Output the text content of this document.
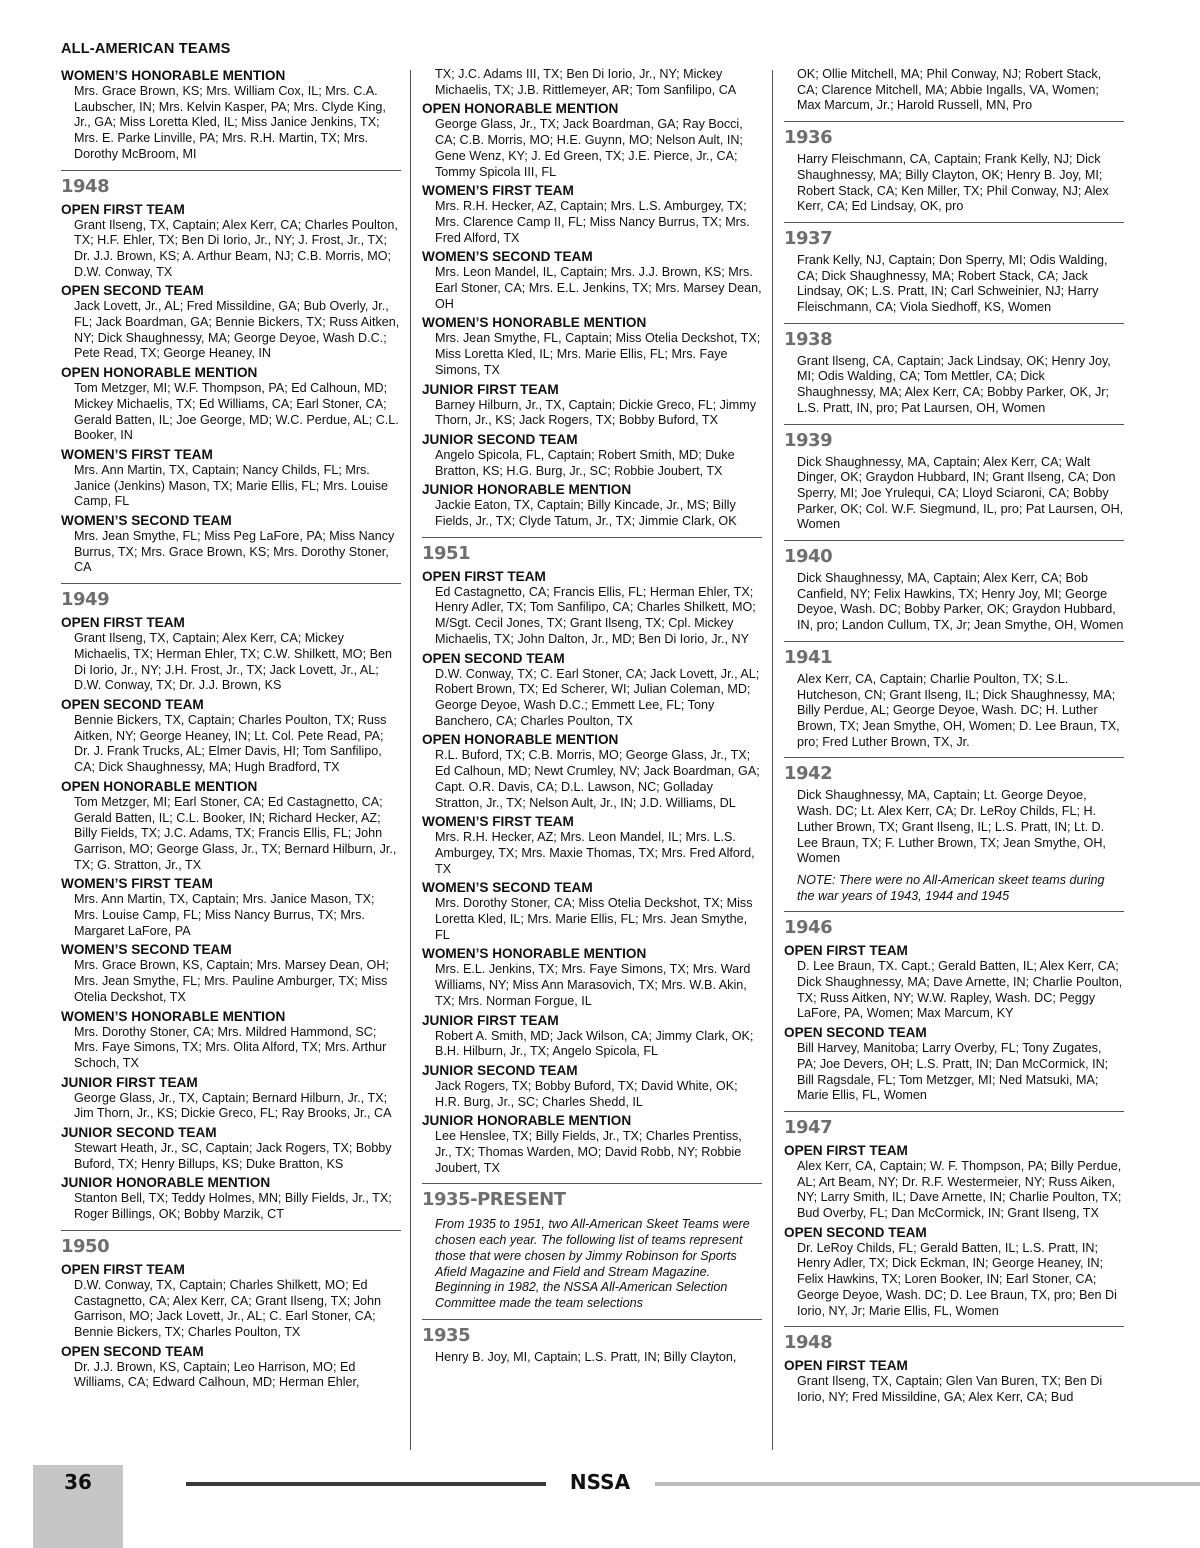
ALL-AMERICAN TEAMS
WOMEN’S HONORABLE MENTION
Mrs. Grace Brown, KS; Mrs. William Cox, IL; Mrs. C.A. Laubscher, IN; Mrs. Kelvin Kasper, PA; Mrs. Clyde King, Jr., GA; Miss Loretta Kled, IL; Miss Janice Jenkins, TX; Mrs. E. Parke Linville, PA; Mrs. R.H. Martin, TX; Mrs. Dorothy McBroom, MI
1948
OPEN FIRST TEAM
Grant Ilseng, TX, Captain; Alex Kerr, CA; Charles Poulton, TX; H.F. Ehler, TX; Ben Di Iorio, Jr., NY; J. Frost, Jr., TX; Dr. J.J. Brown, KS; A. Arthur Beam, NJ; C.B. Morris, MO; D.W. Conway, TX
OPEN SECOND TEAM
Jack Lovett, Jr., AL; Fred Missildine, GA; Bub Overly, Jr., FL; Jack Boardman, GA; Bennie Bickers, TX; Russ Aitken, NY; Dick Shaughnessy, MA; George Deyoe, Wash D.C.; Pete Read, TX; George Heaney, IN
OPEN HONORABLE MENTION
Tom Metzger, MI; W.F. Thompson, PA; Ed Calhoun, MD; Mickey Michaelis, TX; Ed Williams, CA; Earl Stoner, CA; Gerald Batten, IL; Joe George, MD; W.C. Perdue, AL; C.L. Booker, IN
WOMEN’S FIRST TEAM
Mrs. Ann Martin, TX, Captain; Nancy Childs, FL; Mrs. Janice (Jenkins) Mason, TX; Marie Ellis, FL; Mrs. Louise Camp, FL
WOMEN’S SECOND TEAM
Mrs. Jean Smythe, FL; Miss Peg LaFore, PA; Miss Nancy Burrus, TX; Mrs. Grace Brown, KS; Mrs. Dorothy Stoner, CA
1949
OPEN FIRST TEAM
Grant Ilseng, TX, Captain; Alex Kerr, CA; Mickey Michaelis, TX; Herman Ehler, TX; C.W. Shilkett, MO; Ben Di Iorio, Jr., NY; J.H. Frost, Jr., TX; Jack Lovett, Jr., AL; D.W. Conway, TX; Dr. J.J. Brown, KS
OPEN SECOND TEAM
Bennie Bickers, TX, Captain; Charles Poulton, TX; Russ Aitken, NY; George Heaney, IN; Lt. Col. Pete Read, PA; Dr. J. Frank Trucks, AL; Elmer Davis, HI; Tom Sanfilipo, CA; Dick Shaughnessy, MA; Hugh Bradford, TX
OPEN HONORABLE MENTION
Tom Metzger, MI; Earl Stoner, CA; Ed Castagnetto, CA; Gerald Batten, IL; C.L. Booker, IN; Richard Hecker, AZ; Billy Fields, TX; J.C. Adams, TX; Francis Ellis, FL; John Garrison, MO; George Glass, Jr., TX; Bernard Hilburn, Jr., TX; G. Stratton, Jr., TX
WOMEN’S FIRST TEAM
Mrs. Ann Martin, TX, Captain; Mrs. Janice Mason, TX; Mrs. Louise Camp, FL; Miss Nancy Burrus, TX; Mrs. Margaret LaFore, PA
WOMEN’S SECOND TEAM
Mrs. Grace Brown, KS, Captain; Mrs. Marsey Dean, OH; Mrs. Jean Smythe, FL; Mrs. Pauline Amburger, TX; Miss Otelia Deckshot, TX
WOMEN’S HONORABLE MENTION
Mrs. Dorothy Stoner, CA; Mrs. Mildred Hammond, SC; Mrs. Faye Simons, TX; Mrs. Olita Alford, TX; Mrs. Arthur Schoch, TX
JUNIOR FIRST TEAM
George Glass, Jr., TX, Captain; Bernard Hilburn, Jr., TX; Jim Thorn, Jr., KS; Dickie Greco, FL; Ray Brooks, Jr., CA
JUNIOR SECOND TEAM
Stewart Heath, Jr., SC, Captain; Jack Rogers, TX; Bobby Buford, TX; Henry Billups, KS; Duke Bratton, KS
JUNIOR HONORABLE MENTION
Stanton Bell, TX; Teddy Holmes, MN; Billy Fields, Jr., TX; Roger Billings, OK; Bobby Marzik, CT
1950
OPEN FIRST TEAM
D.W. Conway, TX, Captain; Charles Shilkett, MO; Ed Castagnetto, CA; Alex Kerr, CA; Grant Ilseng, TX; John Garrison, MO; Jack Lovett, Jr., AL; C. Earl Stoner, CA; Bennie Bickers, TX; Charles Poulton, TX
OPEN SECOND TEAM
Dr. J.J. Brown, KS, Captain; Leo Harrison, MO; Ed Williams, CA; Edward Calhoun, MD; Herman Ehler,
TX; J.C. Adams III, TX; Ben Di Iorio, Jr., NY; Mickey Michaelis, TX; J.B. Rittlemeyer, AR; Tom Sanfilipo, CA
OPEN HONORABLE MENTION
George Glass, Jr., TX; Jack Boardman, GA; Ray Bocci, CA; C.B. Morris, MO; H.E. Guynn, MO; Nelson Ault, IN; Gene Wenz, KY; J. Ed Green, TX; J.E. Pierce, Jr., CA; Tommy Spicola III, FL
WOMEN’S FIRST TEAM
Mrs. R.H. Hecker, AZ, Captain; Mrs. L.S. Amburgey, TX; Mrs. Clarence Camp II, FL; Miss Nancy Burrus, TX; Mrs. Fred Alford, TX
WOMEN’S SECOND TEAM
Mrs. Leon Mandel, IL, Captain; Mrs. J.J. Brown, KS; Mrs. Earl Stoner, CA; Mrs. E.L. Jenkins, TX; Mrs. Marsey Dean, OH
WOMEN’S HONORABLE MENTION
Mrs. Jean Smythe, FL, Captain; Miss Otelia Deckshot, TX; Miss Loretta Kled, IL; Mrs. Marie Ellis, FL; Mrs. Faye Simons, TX
JUNIOR FIRST TEAM
Barney Hilburn, Jr., TX, Captain; Dickie Greco, FL; Jimmy Thorn, Jr., KS; Jack Rogers, TX; Bobby Buford, TX
JUNIOR SECOND TEAM
Angelo Spicola, FL, Captain; Robert Smith, MD; Duke Bratton, KS; H.G. Burg, Jr., SC; Robbie Joubert, TX
JUNIOR HONORABLE MENTION
Jackie Eaton, TX, Captain; Billy Kincade, Jr., MS; Billy Fields, Jr., TX; Clyde Tatum, Jr., TX; Jimmie Clark, OK
1951
OPEN FIRST TEAM
Ed Castagnetto, CA; Francis Ellis, FL; Herman Ehler, TX; Henry Adler, TX; Tom Sanfilipo, CA; Charles Shilkett, MO; M/Sgt. Cecil Jones, TX; Grant Ilseng, TX; Cpl. Mickey Michaelis, TX; John Dalton, Jr., MD; Ben Di Iorio, Jr., NY
OPEN SECOND TEAM
D.W. Conway, TX; C. Earl Stoner, CA; Jack Lovett, Jr., AL; Robert Brown, TX; Ed Scherer, WI; Julian Coleman, MD; George Deyoe, Wash D.C.; Emmett Lee, FL; Tony Banchero, CA; Charles Poulton, TX
OPEN HONORABLE MENTION
R.L. Buford, TX; C.B. Morris, MO; George Glass, Jr., TX; Ed Calhoun, MD; Newt Crumley, NV; Jack Boardman, GA; Capt. O.R. Davis, CA; D.L. Lawson, NC; Golladay Stratton, Jr., TX; Nelson Ault, Jr., IN; J.D. Williams, DL
WOMEN’S FIRST TEAM
Mrs. R.H. Hecker, AZ; Mrs. Leon Mandel, IL; Mrs. L.S. Amburgey, TX; Mrs. Maxie Thomas, TX; Mrs. Fred Alford, TX
WOMEN’S SECOND TEAM
Mrs. Dorothy Stoner, CA; Miss Otelia Deckshot, TX; Miss Loretta Kled, IL; Mrs. Marie Ellis, FL; Mrs. Jean Smythe, FL
WOMEN’S HONORABLE MENTION
Mrs. E.L. Jenkins, TX; Mrs. Faye Simons, TX; Mrs. Ward Williams, NY; Miss Ann Marasovich, TX; Mrs. W.B. Akin, TX; Mrs. Norman Forgue, IL
JUNIOR FIRST TEAM
Robert A. Smith, MD; Jack Wilson, CA; Jimmy Clark, OK; B.H. Hilburn, Jr., TX; Angelo Spicola, FL
JUNIOR SECOND TEAM
Jack Rogers, TX; Bobby Buford, TX; David White, OK; H.R. Burg, Jr., SC; Charles Shedd, IL
JUNIOR HONORABLE MENTION
Lee Henslee, TX; Billy Fields, Jr., TX; Charles Prentiss, Jr., TX; Thomas Warden, MO; David Robb, NY; Robbie Joubert, TX
1935-PRESENT
From 1935 to 1951, two All-American Skeet Teams were chosen each year. The following list of teams represent those that were chosen by Jimmy Robinson for Sports Afield Magazine and Field and Stream Magazine. Beginning in 1982, the NSSA All-American Selection Committee made the team selections
1935
Henry B. Joy, MI, Captain; L.S. Pratt, IN; Billy Clayton,
OK; Ollie Mitchell, MA; Phil Conway, NJ; Robert Stack, CA; Clarence Mitchell, MA; Abbie Ingalls, VA, Women; Max Marcum, Jr.; Harold Russell, MN, Pro
1936
Harry Fleischmann, CA, Captain; Frank Kelly, NJ; Dick Shaughnessy, MA; Billy Clayton, OK; Henry B. Joy, MI; Robert Stack, CA; Ken Miller, TX; Phil Conway, NJ; Alex Kerr, CA; Ed Lindsay, OK, pro
1937
Frank Kelly, NJ, Captain; Don Sperry, MI; Odis Walding, CA; Dick Shaughnessy, MA; Robert Stack, CA; Jack Lindsay, OK; L.S. Pratt, IN; Carl Schweinier, NJ; Harry Fleischmann, CA; Viola Siedhoff, KS, Women
1938
Grant Ilseng, CA, Captain; Jack Lindsay, OK; Henry Joy, MI; Odis Walding, CA; Tom Mettler, CA; Dick Shaughnessy, MA; Alex Kerr, CA; Bobby Parker, OK, Jr; L.S. Pratt, IN, pro; Pat Laursen, OH, Women
1939
Dick Shaughnessy, MA, Captain; Alex Kerr, CA; Walt Dinger, OK; Graydon Hubbard, IN; Grant Ilseng, CA; Don Sperry, MI; Joe Yrulequi, CA; Lloyd Sciaroni, CA; Bobby Parker, OK; Col. W.F. Siegmund, IL, pro; Pat Laursen, OH, Women
1940
Dick Shaughnessy, MA, Captain; Alex Kerr, CA; Bob Canfield, NY; Felix Hawkins, TX; Henry Joy, MI; George Deyoe, Wash. DC; Bobby Parker, OK; Graydon Hubbard, IN, pro; Landon Cullum, TX, Jr; Jean Smythe, OH, Women
1941
Alex Kerr, CA, Captain; Charlie Poulton, TX; S.L. Hutcheson, CN; Grant Ilseng, IL; Dick Shaughnessy, MA; Billy Perdue, AL; George Deyoe, Wash. DC; H. Luther Brown, TX; Jean Smythe, OH, Women; D. Lee Braun, TX, pro; Fred Luther Brown, TX, Jr.
1942
Dick Shaughnessy, MA, Captain; Lt. George Deyoe, Wash. DC; Lt. Alex Kerr, CA; Dr. LeRoy Childs, FL; H. Luther Brown, TX; Grant Ilseng, IL; L.S. Pratt, IN; Lt. D. Lee Braun, TX; F. Luther Brown, TX; Jean Smythe, OH, Women
NOTE: There were no All-American skeet teams during the war years of 1943, 1944 and 1945
1946
OPEN FIRST TEAM
D. Lee Braun, TX. Capt.; Gerald Batten, IL; Alex Kerr, CA; Dick Shaughnessy, MA; Dave Arnette, IN; Charlie Poulton, TX; Russ Aitken, NY; W.W. Rapley, Wash. DC; Peggy LaFore, PA, Women; Max Marcum, KY
OPEN SECOND TEAM
Bill Harvey, Manitoba; Larry Overby, FL; Tony Zugates, PA; Joe Devers, OH; L.S. Pratt, IN; Dan McCormick, IN; Bill Ragsdale, FL; Tom Metzger, MI; Ned Matsuki, MA; Marie Ellis, FL, Women
1947
OPEN FIRST TEAM
Alex Kerr, CA, Captain; W. F. Thompson, PA; Billy Perdue, AL; Art Beam, NY; Dr. R.F. Westermeier, NY; Russ Aiken, NY; Larry Smith, IL; Dave Arnette, IN; Charlie Poulton, TX; Bud Overby, FL; Dan McCormick, IN; Grant Ilseng, TX
OPEN SECOND TEAM
Dr. LeRoy Childs, FL; Gerald Batten, IL; L.S. Pratt, IN; Henry Adler, TX; Dick Eckman, IN; George Heaney, IN; Felix Hawkins, TX; Loren Booker, IN; Earl Stoner, CA; George Deyoe, Wash. DC; D. Lee Braun, TX, pro; Ben Di Iorio, NY, Jr; Marie Ellis, FL, Women
1948
OPEN FIRST TEAM
Grant Ilseng, TX, Captain; Glen Van Buren, TX; Ben Di Iorio, NY; Fred Missildine, GA; Alex Kerr, CA; Bud
36	NSSA
